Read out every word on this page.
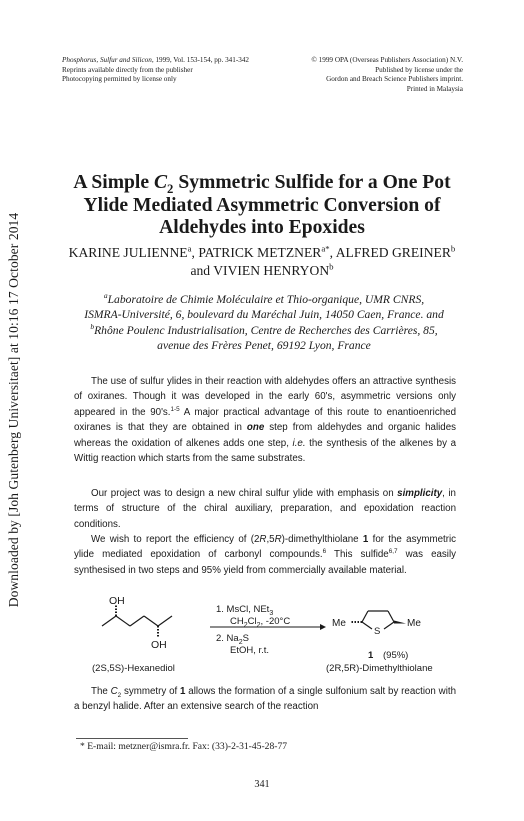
Downloaded by [Joh Gutenberg Universitaet] at 10:16 17 October 2014
Phosphorus, Sulfur and Silicon, 1999, Vol. 153-154, pp. 341-342
Reprints available directly from the publisher
Photocopying permitted by license only
© 1999 OPA (Overseas Publishers Association) N.V.
Published by license under the
Gordon and Breach Science Publishers imprint.
Printed in Malaysia
A Simple $C_2$ Symmetric Sulfide for a One Pot
Ylide Mediated Asymmetric Conversion of
Aldehydes into Epoxides
KARINE JULIENNE$^a$, PATRICK $METZNER^{a*}$, ALFRED GREINER$^b$
and VIVIEN HENRYON$^b$
$^a$Laboratoire de Chimie Moléculaire et Thio-organique, UMR CNRS,
ISMRA-Université, 6, boulevard du Maréchal Juin, 14050 Caen, France. and
$^b$Rhône Poulenc Industrialisation, Centre de Recherches des Carrières, 85,
avenue des Frères Penet, 69192 Lyon, France
The use of sulfur ylides in their reaction with aldehydes offers an attractive synthesis of oxiranes. Though it was developed in the early 60's, asymmetric versions only appeared in the 90's.$^{1-5}$ A major practical advantage of this route to enantioenriched oxiranes is that they are obtained in one step from aldehydes and organic halides whereas the oxidation of alkenes adds one step, i.e. the synthesis of the alkenes by a Wittig reaction which starts from the same substrates.
Our project was to design a new chiral sulfur ylide with emphasis on simplicity, in terms of structure of the chiral auxiliary, preparation, and epoxidation reaction conditions.
We wish to report the efficiency of (2R,5R)-dimethylthiolane 1 for the asymmetric ylide mediated epoxidation of carbonyl compounds.$^6$ This sulfide$^{6,7}$ was easily synthesised in two steps and 95% yield from commercially available material.
OH
OH
1. MsCl, NEt$_3$
$CH_2Cl_2$, -20°C
2. $Na_2S$
EtOH, r.t.
Me
S
Me
(2S,5S)-Hexanediol
1 (95%)
(2R,5R)-Dimethylthiolane
The $C_2$ symmetry of 1 allows the formation of a single sulfonium salt by reaction with a benzyl halide. After an extensive search of the reaction
* E-mail: metzner@ismra.fr. Fax: (33)-2-31-45-28-77
341
